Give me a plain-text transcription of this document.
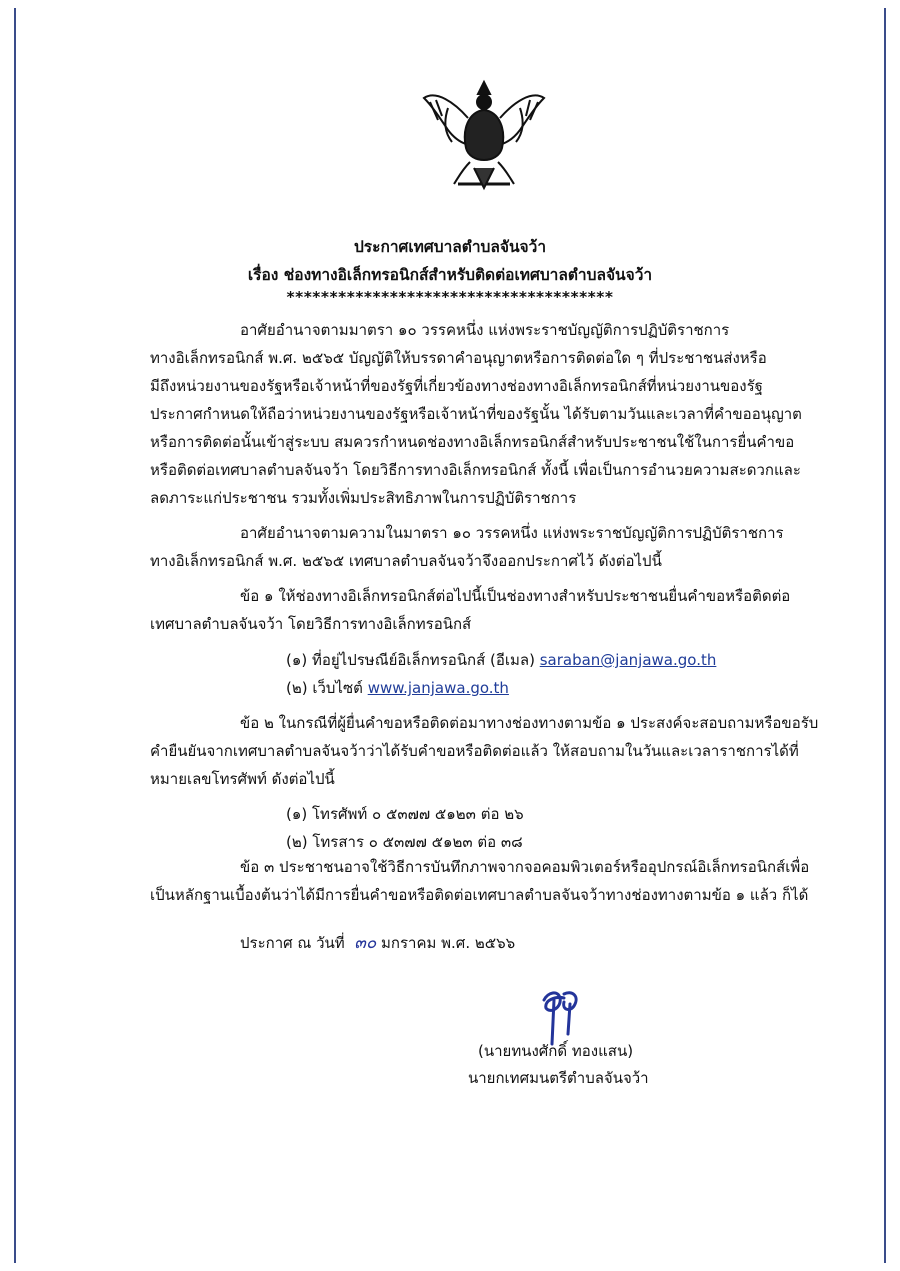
ประกาศเทศบาลตำบลจันจว้า
เรื่อง ช่องทางอิเล็กทรอนิกส์สำหรับติดต่อเทศบาลตำบลจันจว้า
**************************************
อาศัยอำนาจตามมาตรา ๑๐ วรรคหนึ่ง แห่งพระราชบัญญัติการปฏิบัติราชการ
ทางอิเล็กทรอนิกส์ พ.ศ. ๒๕๖๕ บัญญัติให้บรรดาคำอนุญาตหรือการติดต่อใด ๆ ที่ประชาชนส่งหรือ
มีถึงหน่วยงานของรัฐหรือเจ้าหน้าที่ของรัฐที่เกี่ยวข้องทางช่องทางอิเล็กทรอนิกส์ที่หน่วยงานของรัฐ
ประกาศกำหนดให้ถือว่าหน่วยงานของรัฐหรือเจ้าหน้าที่ของรัฐนั้น ได้รับตามวันและเวลาที่คำขออนุญาต
หรือการติดต่อนั้นเข้าสู่ระบบ สมควรกำหนดช่องทางอิเล็กทรอนิกส์สำหรับประชาชนใช้ในการยื่นคำขอ
หรือติดต่อเทศบาลตำบลจันจว้า โดยวิธีการทางอิเล็กทรอนิกส์ ทั้งนี้ เพื่อเป็นการอำนวยความสะดวกและ
ลดภาระแก่ประชาชน รวมทั้งเพิ่มประสิทธิภาพในการปฏิบัติราชการ
อาศัยอำนาจตามความในมาตรา ๑๐ วรรคหนึ่ง แห่งพระราชบัญญัติการปฏิบัติราชการ
ทางอิเล็กทรอนิกส์ พ.ศ. ๒๕๖๕ เทศบาลตำบลจันจว้าจึงออกประกาศไว้ ดังต่อไปนี้
ข้อ ๑ ให้ช่องทางอิเล็กทรอนิกส์ต่อไปนี้เป็นช่องทางสำหรับประชาชนยื่นคำขอหรือติดต่อ
เทศบาลตำบลจันจว้า โดยวิธีการทางอิเล็กทรอนิกส์
(๑) ที่อยู่ไปรษณีย์อิเล็กทรอนิกส์ (อีเมล) saraban@janjawa.go.th
(๒) เว็บไซต์ www.janjawa.go.th
ข้อ ๒ ในกรณีที่ผู้ยื่นคำขอหรือติดต่อมาทางช่องทางตามข้อ ๑ ประสงค์จะสอบถามหรือขอรับ
คำยืนยันจากเทศบาลตำบลจันจว้าว่าได้รับคำขอหรือติดต่อแล้ว ให้สอบถามในวันและเวลาราชการได้ที่
หมายเลขโทรศัพท์ ดังต่อไปนี้
(๑) โทรศัพท์ ๐ ๕๓๗๗ ๕๑๒๓ ต่อ ๒๖
(๒) โทรสาร ๐ ๕๓๗๗ ๕๑๒๓ ต่อ ๓๘
ข้อ ๓ ประชาชนอาจใช้วิธีการบันทึกภาพจากจอคอมพิวเตอร์หรืออุปกรณ์อิเล็กทรอนิกส์เพื่อ
เป็นหลักฐานเบื้องต้นว่าได้มีการยื่นคำขอหรือติดต่อเทศบาลตำบลจันจว้าทางช่องทางตามข้อ ๑ แล้ว ก็ได้
ประกาศ ณ วันที่ ๓๐ มกราคม พ.ศ. ๒๕๖๖
(นายทนงศักดิ์ ทองแสน)
นายกเทศมนตรีตำบลจันจว้า
